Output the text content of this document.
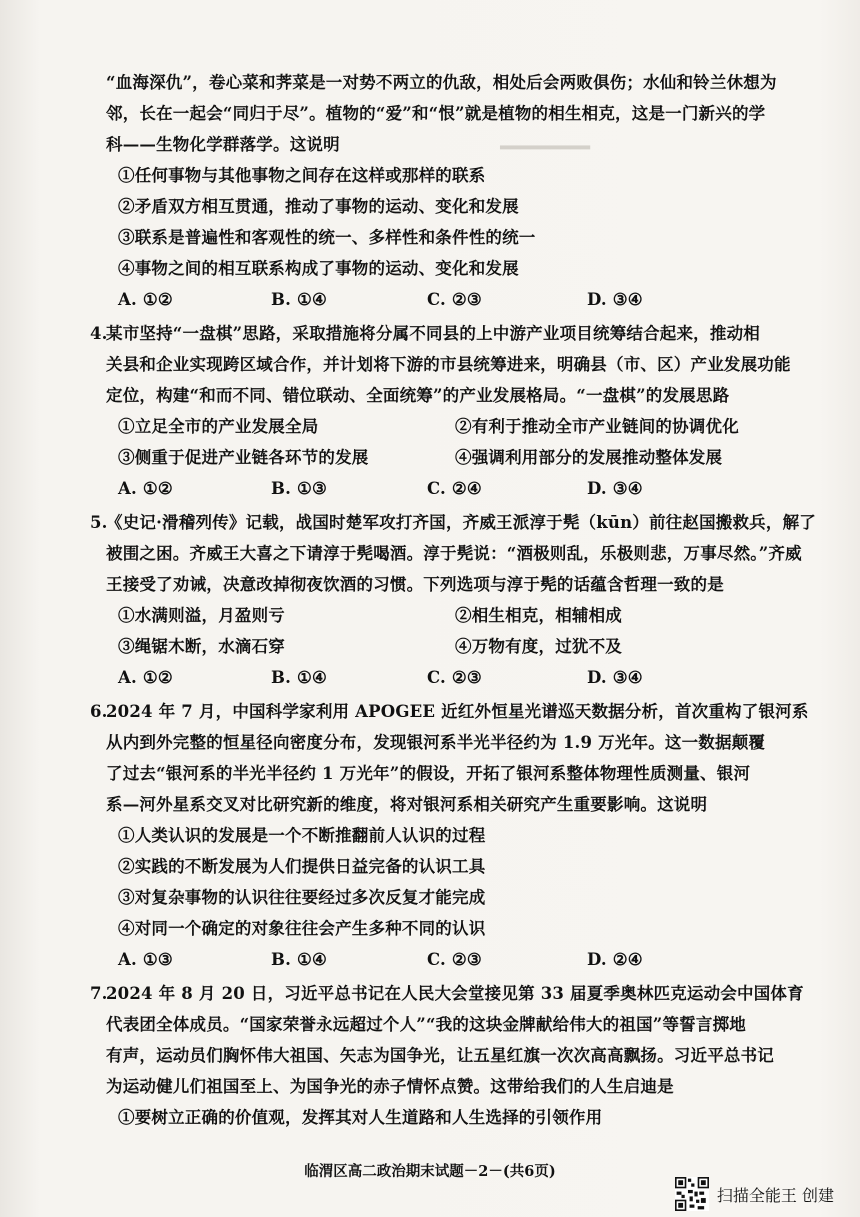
▂▂▂▂▂▂▂▂▂
“血海深仇”，卷心菜和荠菜是一对势不两立的仇敌，相处后会两败俱伤；水仙和铃兰休想为
邻，长在一起会“同归于尽”。植物的“爱”和“恨”就是植物的相生相克，这是一门新兴的学
科——生物化学群落学。这说明
①任何事物与其他事物之间存在这样或那样的联系
②矛盾双方相互贯通，推动了事物的运动、变化和发展
③联系是普遍性和客观性的统一、多样性和条件性的统一
④事物之间的相互联系构成了事物的运动、变化和发展
A. ①②	B. ①④	C. ②③	D. ③④
4.
某市坚持“一盘棋”思路，采取措施将分属不同县的上中游产业项目统筹结合起来，推动相
关县和企业实现跨区域合作，并计划将下游的市县统筹进来，明确县（市、区）产业发展功能
定位，构建“和而不同、错位联动、全面统筹”的产业发展格局。“一盘棋”的发展思路
①立足全市的产业发展全局	②有利于推动全市产业链间的协调优化
③侧重于促进产业链各环节的发展	④强调利用部分的发展推动整体发展
A. ①②	B. ①③	C. ②④	D. ③④
5.
《史记·滑稽列传》记载，战国时楚军攻打齐国，齐威王派淳于髡（kūn）前往赵国搬救兵，解了
被围之困。齐威王大喜之下请淳于髡喝酒。淳于髡说：“酒极则乱，乐极则悲，万事尽然。”齐威
王接受了劝诫，决意改掉彻夜饮酒的习惯。下列选项与淳于髡的话蕴含哲理一致的是
①水满则溢，月盈则亏	②相生相克，相辅相成
③绳锯木断，水滴石穿	④万物有度，过犹不及
A. ①②	B. ①④	C. ②③	D. ③④
6.
2024 年 7 月，中国科学家利用 APOGEE 近红外恒星光谱巡天数据分析，首次重构了银河系
从内到外完整的恒星径向密度分布，发现银河系半光半径约为 1.9 万光年。这一数据颠覆
了过去“银河系的半光半径约 1 万光年”的假设，开拓了银河系整体物理性质测量、银河
系—河外星系交叉对比研究新的维度，将对银河系相关研究产生重要影响。这说明
①人类认识的发展是一个不断推翻前人认识的过程
②实践的不断发展为人们提供日益完备的认识工具
③对复杂事物的认识往往要经过多次反复才能完成
④对同一个确定的对象往往会产生多种不同的认识
A. ①③	B. ①④	C. ②③	D. ②④
7.
2024 年 8 月 20 日，习近平总书记在人民大会堂接见第 33 届夏季奥林匹克运动会中国体育
代表团全体成员。“国家荣誉永远超过个人”“我的这块金牌献给伟大的祖国”等誓言掷地
有声，运动员们胸怀伟大祖国、矢志为国争光，让五星红旗一次次高高飘扬。习近平总书记
为运动健儿们祖国至上、为国争光的赤子情怀点赞。这带给我们的人生启迪是
①要树立正确的价值观，发挥其对人生道路和人生选择的引领作用
临渭区高二政治期末试题－2－(共6页)
扫描全能王 创建
